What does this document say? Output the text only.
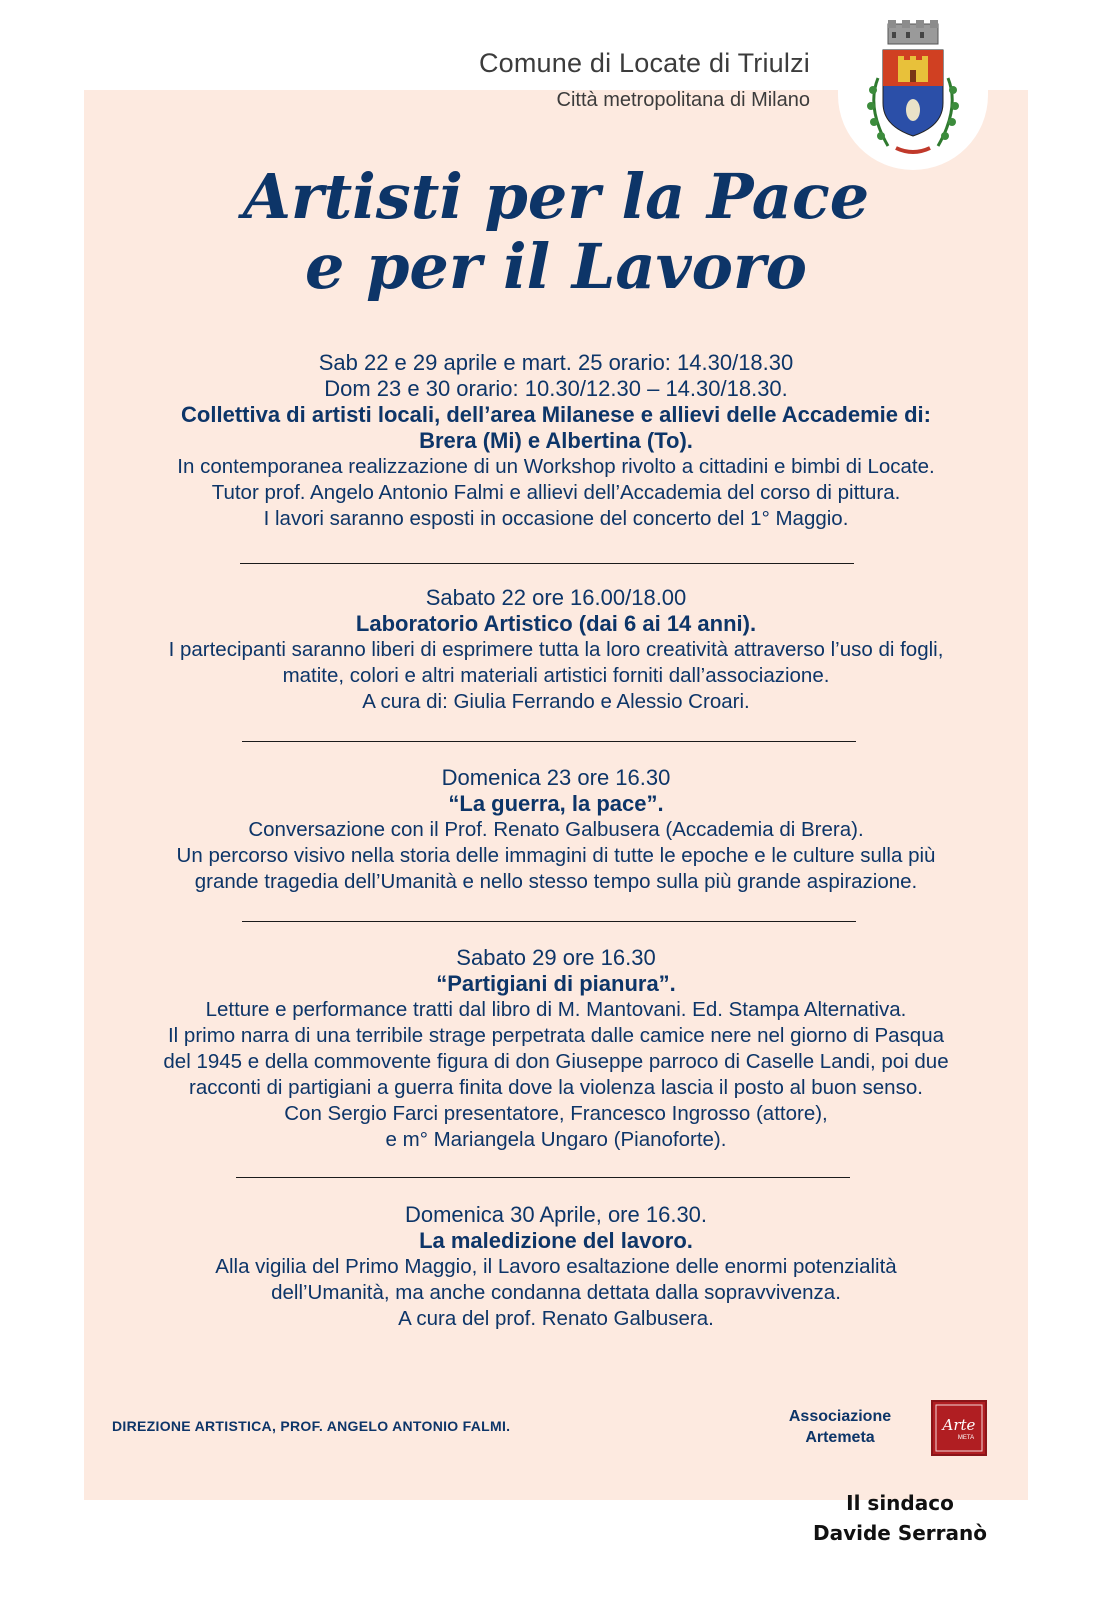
Comune di Locate di Triulzi
Città metropolitana di Milano
Artisti per la Pace
e per il Lavoro
Sab 22 e 29 aprile e mart. 25 orario: 14.30/18.30
Dom 23 e 30 orario: 10.30/12.30 – 14.30/18.30.
Collettiva di artisti locali, dell’area Milanese e allievi delle Accademie di:
Brera (Mi) e Albertina (To).
In contemporanea realizzazione di un Workshop rivolto a cittadini e bimbi di Locate.
Tutor prof. Angelo Antonio Falmi e allievi dell’Accademia del corso di pittura.
I lavori saranno esposti in occasione del concerto del 1° Maggio.
Sabato 22 ore 16.00/18.00
Laboratorio Artistico (dai 6 ai 14 anni).
I partecipanti saranno liberi di esprimere tutta la loro creatività attraverso l’uso di fogli,
matite, colori e altri materiali artistici forniti dall’associazione.
A cura di: Giulia Ferrando e Alessio Croari.
Domenica 23 ore 16.30
“La guerra, la pace”.
Conversazione con il Prof. Renato Galbusera (Accademia di Brera).
Un percorso visivo nella storia delle immagini di tutte le epoche e le culture sulla più
grande tragedia dell’Umanità e nello stesso tempo sulla più grande aspirazione.
Sabato 29 ore 16.30
“Partigiani di pianura”.
Letture e performance tratti dal libro di M. Mantovani. Ed. Stampa Alternativa.
Il primo narra di una terribile strage perpetrata dalle camice nere nel giorno di Pasqua
del 1945 e della commovente figura di don Giuseppe parroco di Caselle Landi, poi due
racconti di partigiani a guerra finita dove la violenza lascia il posto al buon senso.
Con Sergio Farci presentatore, Francesco Ingrosso (attore),
e m° Mariangela Ungaro (Pianoforte).
Domenica 30 Aprile, ore 16.30.
La maledizione del lavoro.
Alla vigilia del Primo Maggio, il Lavoro esaltazione delle enormi potenzialità
dell’Umanità, ma anche condanna dettata dalla sopravvivenza.
A cura del prof. Renato Galbusera.
DIREZIONE ARTISTICA, PROF. ANGELO ANTONIO FALMI.
Associazione
Artemeta
Arte
META
Il sindaco
Davide Serranò
